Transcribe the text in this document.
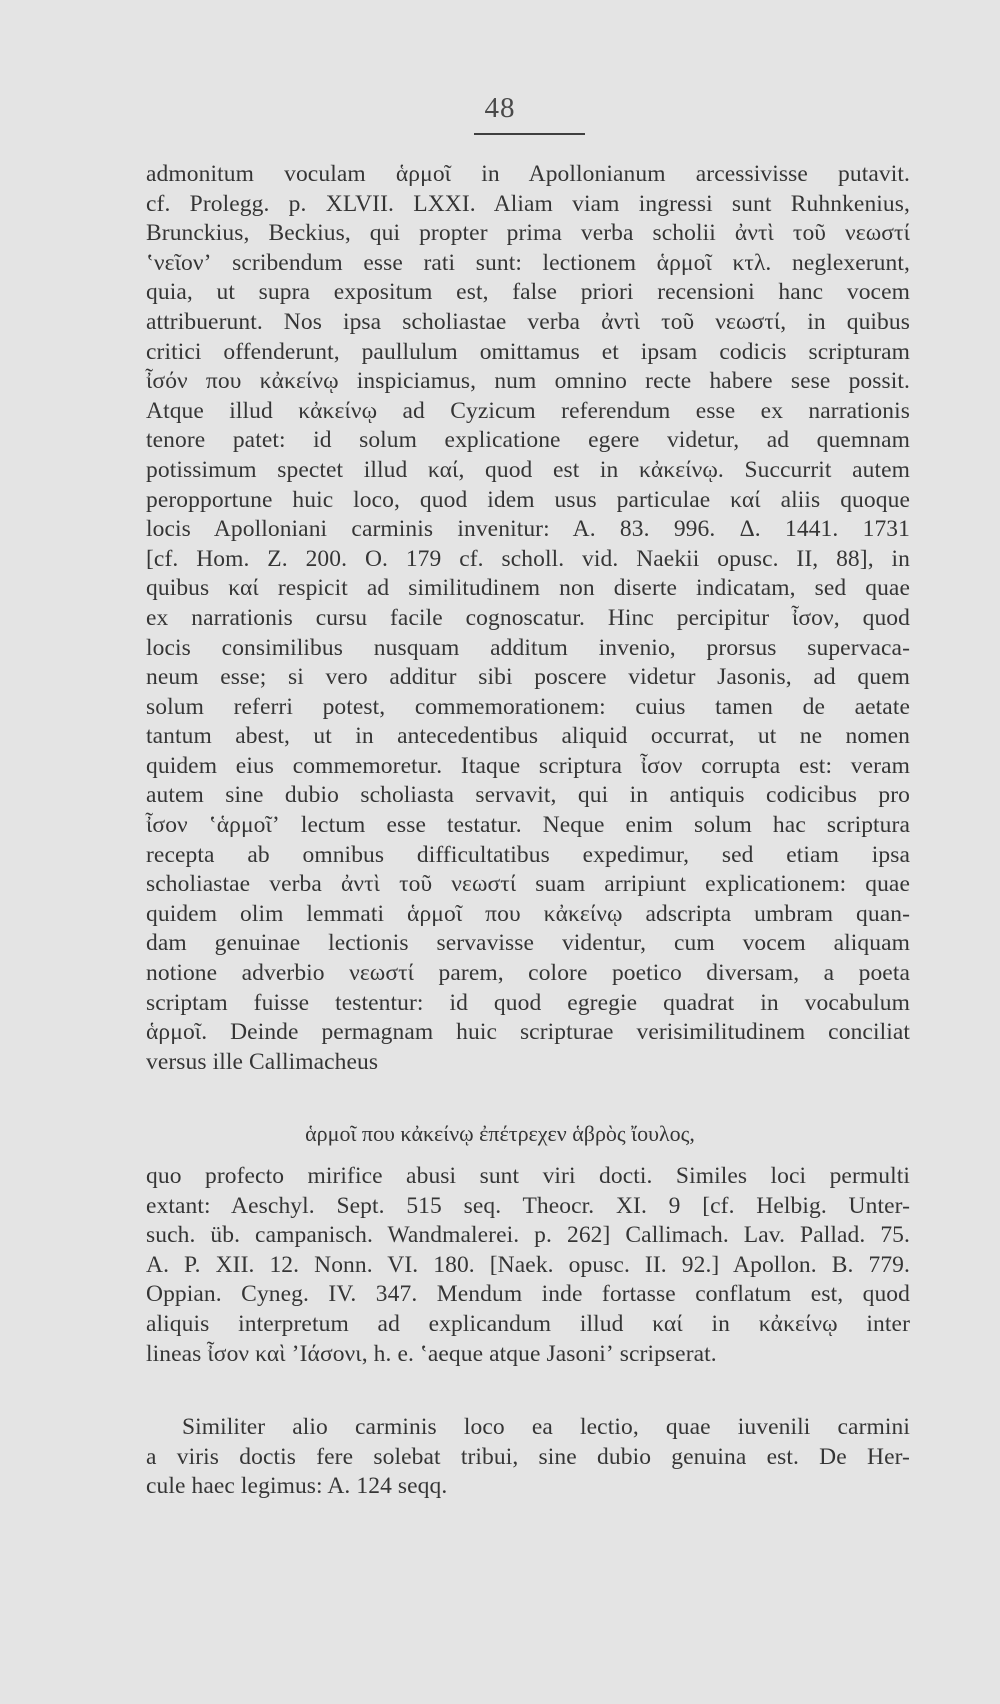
48
admonitum voculam ἁρμοῖ in Apollonianum arcessivisse putavit.
cf. Prolegg. p. XLVII. LXXI. Aliam viam ingressi sunt Ruhnkenius,
Brunckius, Beckius, qui propter prima verba scholii ἀντὶ τοῦ νεωστί
ʽνεῖονʼ scribendum esse rati sunt: lectionem ἁρμοῖ κτλ. neglexerunt,
quia, ut supra expositum est, false priori recensioni hanc vocem
attribuerunt. Nos ipsa scholiastae verba ἀντὶ τοῦ νεωστί, in quibus
critici offenderunt, paullulum omittamus et ipsam codicis scripturam
ἶσόν που κἀκείνῳ inspiciamus, num omnino recte habere sese possit.
Atque illud κἀκείνῳ ad Cyzicum referendum esse ex narrationis
tenore patet: id solum explicatione egere videtur, ad quemnam
potissimum spectet illud καί, quod est in κἀκείνῳ. Succurrit autem
peropportune huic loco, quod idem usus particulae καί aliis quoque
locis Apolloniani carminis invenitur: A. 83. 996. Δ. 1441. 1731
[cf. Hom. Z. 200. O. 179 cf. scholl. vid. Naekii opusc. II, 88], in
quibus καί respicit ad similitudinem non diserte indicatam, sed quae
ex narrationis cursu facile cognoscatur. Hinc percipitur ἶσον, quod
locis consimilibus nusquam additum invenio, prorsus supervaca-
neum esse; si vero additur sibi poscere videtur Jasonis, ad quem
solum referri potest, commemorationem: cuius tamen de aetate
tantum abest, ut in antecedentibus aliquid occurrat, ut ne nomen
quidem eius commemoretur. Itaque scriptura ἶσον corrupta est: veram
autem sine dubio scholiasta servavit, qui in antiquis codicibus pro
ἶσον ʽἁρμοῖʼ lectum esse testatur. Neque enim solum hac scriptura
recepta ab omnibus difficultatibus expedimur, sed etiam ipsa
scholiastae verba ἀντὶ τοῦ νεωστί suam arripiunt explicationem: quae
quidem olim lemmati ἁρμοῖ που κἀκείνῳ adscripta umbram quan-
dam genuinae lectionis servavisse videntur, cum vocem aliquam
notione adverbio νεωστί parem, colore poetico diversam, a poeta
scriptam fuisse testentur: id quod egregie quadrat in vocabulum
ἁρμοῖ. Deinde permagnam huic scripturae verisimilitudinem conciliat
versus ille Callimacheus
ἁρμοῖ που κἀκείνῳ ἐπέτρεχεν ἁβρὸς ἴουλος,
quo profecto mirifice abusi sunt viri docti. Similes loci permulti
extant: Aeschyl. Sept. 515 seq. Theocr. XI. 9 [cf. Helbig. Unter-
such. üb. campanisch. Wandmalerei. p. 262] Callimach. Lav. Pallad. 75.
A. P. XII. 12. Nonn. VI. 180. [Naek. opusc. II. 92.] Apollon. B. 779.
Oppian. Cyneg. IV. 347. Mendum inde fortasse conflatum est, quod
aliquis interpretum ad explicandum illud καί in κἀκείνῳ inter
lineas ἶσον καὶ ʼΙάσονι, h. e. ʽaeque atque Jasoniʼ scripserat.
Similiter alio carminis loco ea lectio, quae iuvenili carmini
a viris doctis fere solebat tribui, sine dubio genuina est. De Her-
cule haec legimus: A. 124 seqq.
